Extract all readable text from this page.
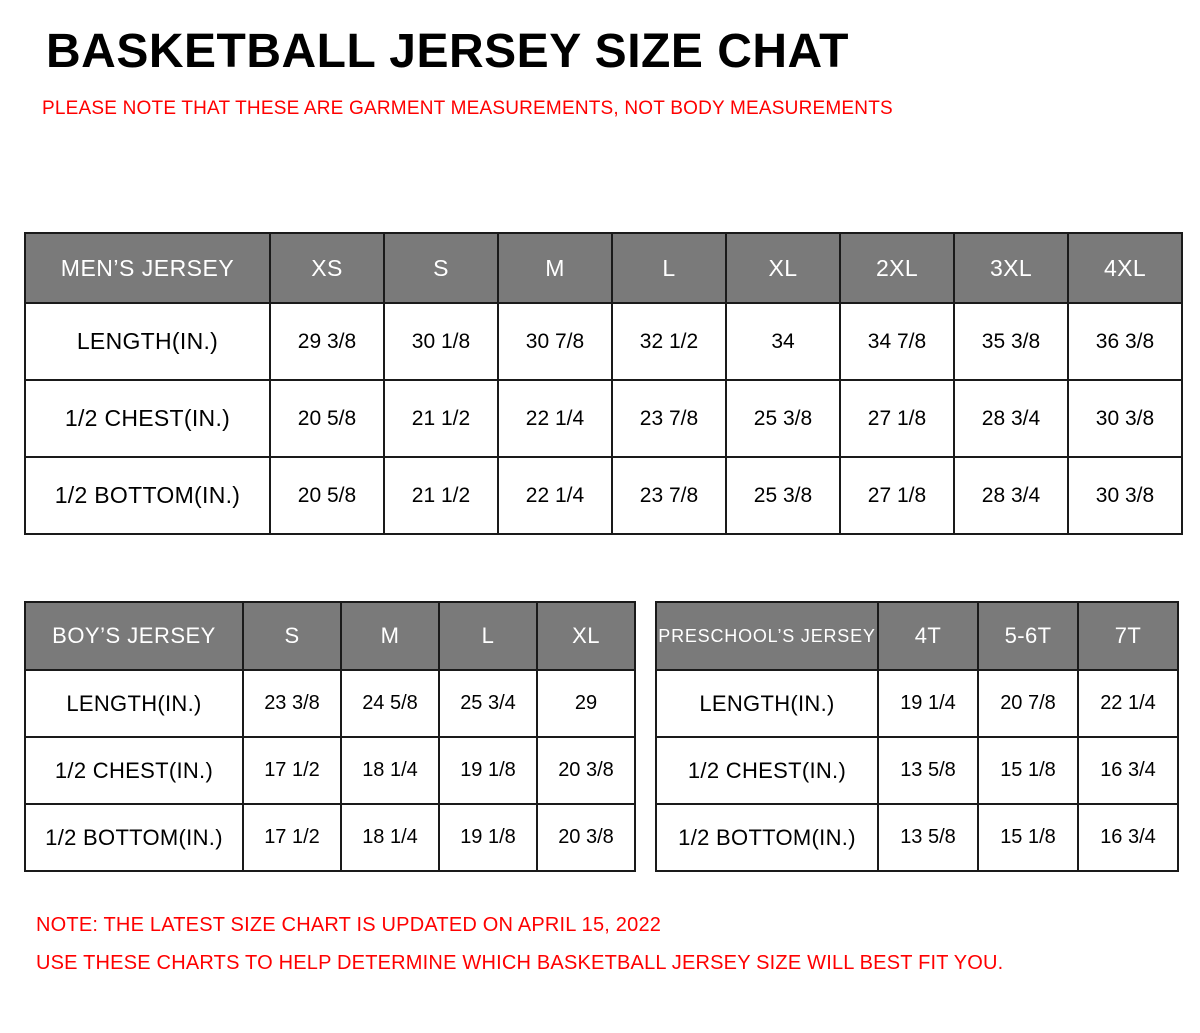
BASKETBALL JERSEY SIZE CHAT

PLEASE NOTE THAT THESE ARE GARMENT MEASUREMENTS, NOT BODY MEASUREMENTS

MEN’S JERSEY	XS	S	M	L	XL	2XL	3XL	4XL
LENGTH(IN.)	29 3/8	30 1/8	30 7/8	32 1/2	34	34 7/8	35 3/8	36 3/8
1/2 CHEST(IN.)	20 5/8	21 1/2	22 1/4	23 7/8	25 3/8	27 1/8	28 3/4	30 3/8
1/2 BOTTOM(IN.)	20 5/8	21 1/2	22 1/4	23 7/8	25 3/8	27 1/8	28 3/4	30 3/8
BOY’S JERSEY	S	M	L	XL
LENGTH(IN.)	23 3/8	24 5/8	25 3/4	29
1/2 CHEST(IN.)	17 1/2	18 1/4	19 1/8	20 3/8
1/2 BOTTOM(IN.)	17 1/2	18 1/4	19 1/8	20 3/8
PRESCHOOL’S JERSEY	4T	5-6T	7T
LENGTH(IN.)	19 1/4	20 7/8	22 1/4
1/2 CHEST(IN.)	13 5/8	15 1/8	16 3/4
1/2 BOTTOM(IN.)	13 5/8	15 1/8	16 3/4
NOTE: THE LATEST SIZE CHART IS UPDATED ON APRIL 15, 2022
USE THESE CHARTS TO HELP DETERMINE WHICH BASKETBALL JERSEY SIZE WILL BEST FIT YOU.
